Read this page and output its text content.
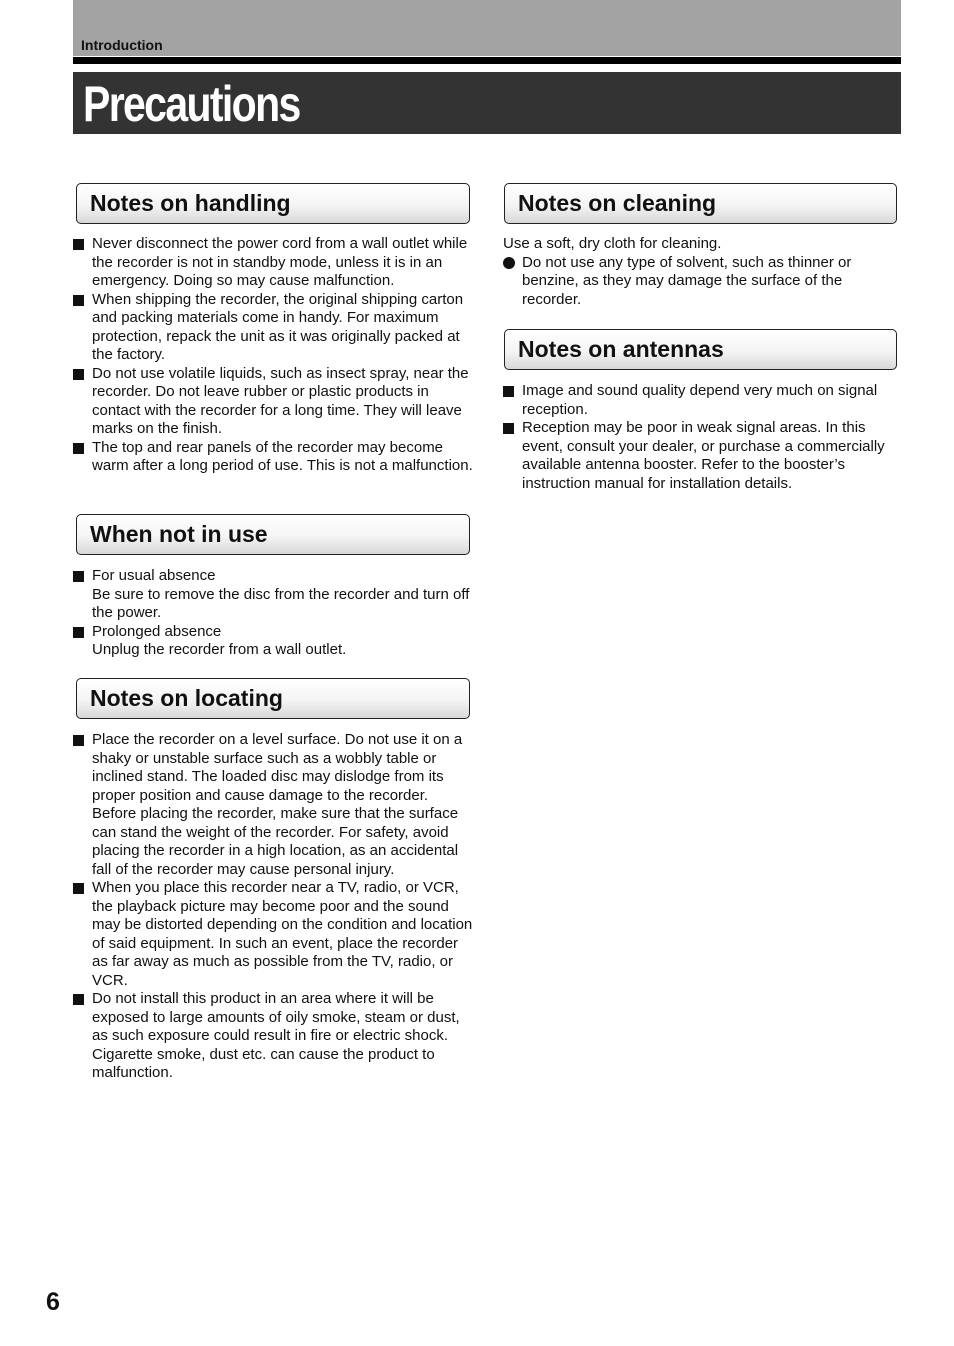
Introduction
Precautions
Notes on handling
Never disconnect the power cord from a wall outlet while the recorder is not in standby mode, unless it is in an emergency. Doing so may cause malfunction.
When shipping the recorder, the original shipping carton and packing materials come in handy. For maximum protection, repack the unit as it was originally packed at the factory.
Do not use volatile liquids, such as insect spray, near the recorder. Do not leave rubber or plastic products in contact with the recorder for a long time. They will leave marks on the finish.
The top and rear panels of the recorder may become warm after a long period of use. This is not a malfunction.
When not in use
For usual absence
Be sure to remove the disc from the recorder and turn off the power.
Prolonged absence
Unplug the recorder from a wall outlet.
Notes on locating
Place the recorder on a level surface. Do not use it on a shaky or unstable surface such as a wobbly table or inclined stand. The loaded disc may dislodge from its proper position and cause damage to the recorder. Before placing the recorder, make sure that the surface can stand the weight of the recorder. For safety, avoid placing the recorder in a high location, as an accidental fall of the recorder may cause personal injury.
When you place this recorder near a TV, radio, or VCR, the playback picture may become poor and the sound may be distorted depending on the condition and location of said equipment. In such an event, place the recorder as far away as much as possible from the TV, radio, or VCR.
Do not install this product in an area where it will be exposed to large amounts of oily smoke, steam or dust, as such exposure could result in fire or electric shock. Cigarette smoke, dust etc. can cause the product to malfunction.
Notes on cleaning
Use a soft, dry cloth for cleaning.
Do not use any type of solvent, such as thinner or benzine, as they may damage the surface of the recorder.
Notes on antennas
Image and sound quality depend very much on signal reception.
Reception may be poor in weak signal areas. In this event, consult your dealer, or purchase a commercially available antenna booster. Refer to the booster’s instruction manual for installation details.
6
